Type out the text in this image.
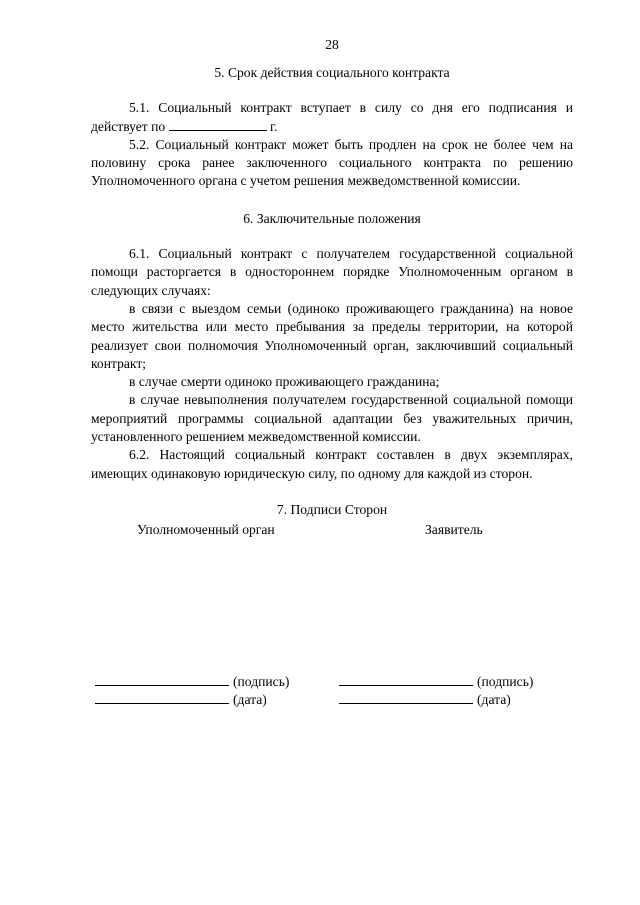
28

5. Срок действия социального контракта

5.1. Социальный контракт вступает в силу со дня его подписания и действует по	г.

5.2. Социальный контракт может быть продлен на срок не более чем на половину срока ранее заключенного социального контракта по решению Уполномоченного органа с учетом решения межведомственной комиссии.

6. Заключительные положения

6.1. Социальный контракт с получателем государственной социальной помощи расторгается в одностороннем порядке Уполномоченным органом в следующих случаях:

в связи с выездом семьи (одиноко проживающего гражданина) на новое место жительства или место пребывания за пределы территории, на которой реализует свои полномочия Уполномоченный орган, заключивший социальный контракт;

в случае смерти одиноко проживающего гражданина;

в случае невыполнения получателем государственной социальной помощи мероприятий программы социальной адаптации без уважительных причин, установленного решением межведомственной комиссии.

6.2. Настоящий социальный контракт составлен в двух экземплярах, имеющих одинаковую юридическую силу, по одному для каждой из сторон.

7. Подписи Сторон

Уполномоченный орган	Заявитель

(подпись)	(подпись)
(дата)	(дата)
